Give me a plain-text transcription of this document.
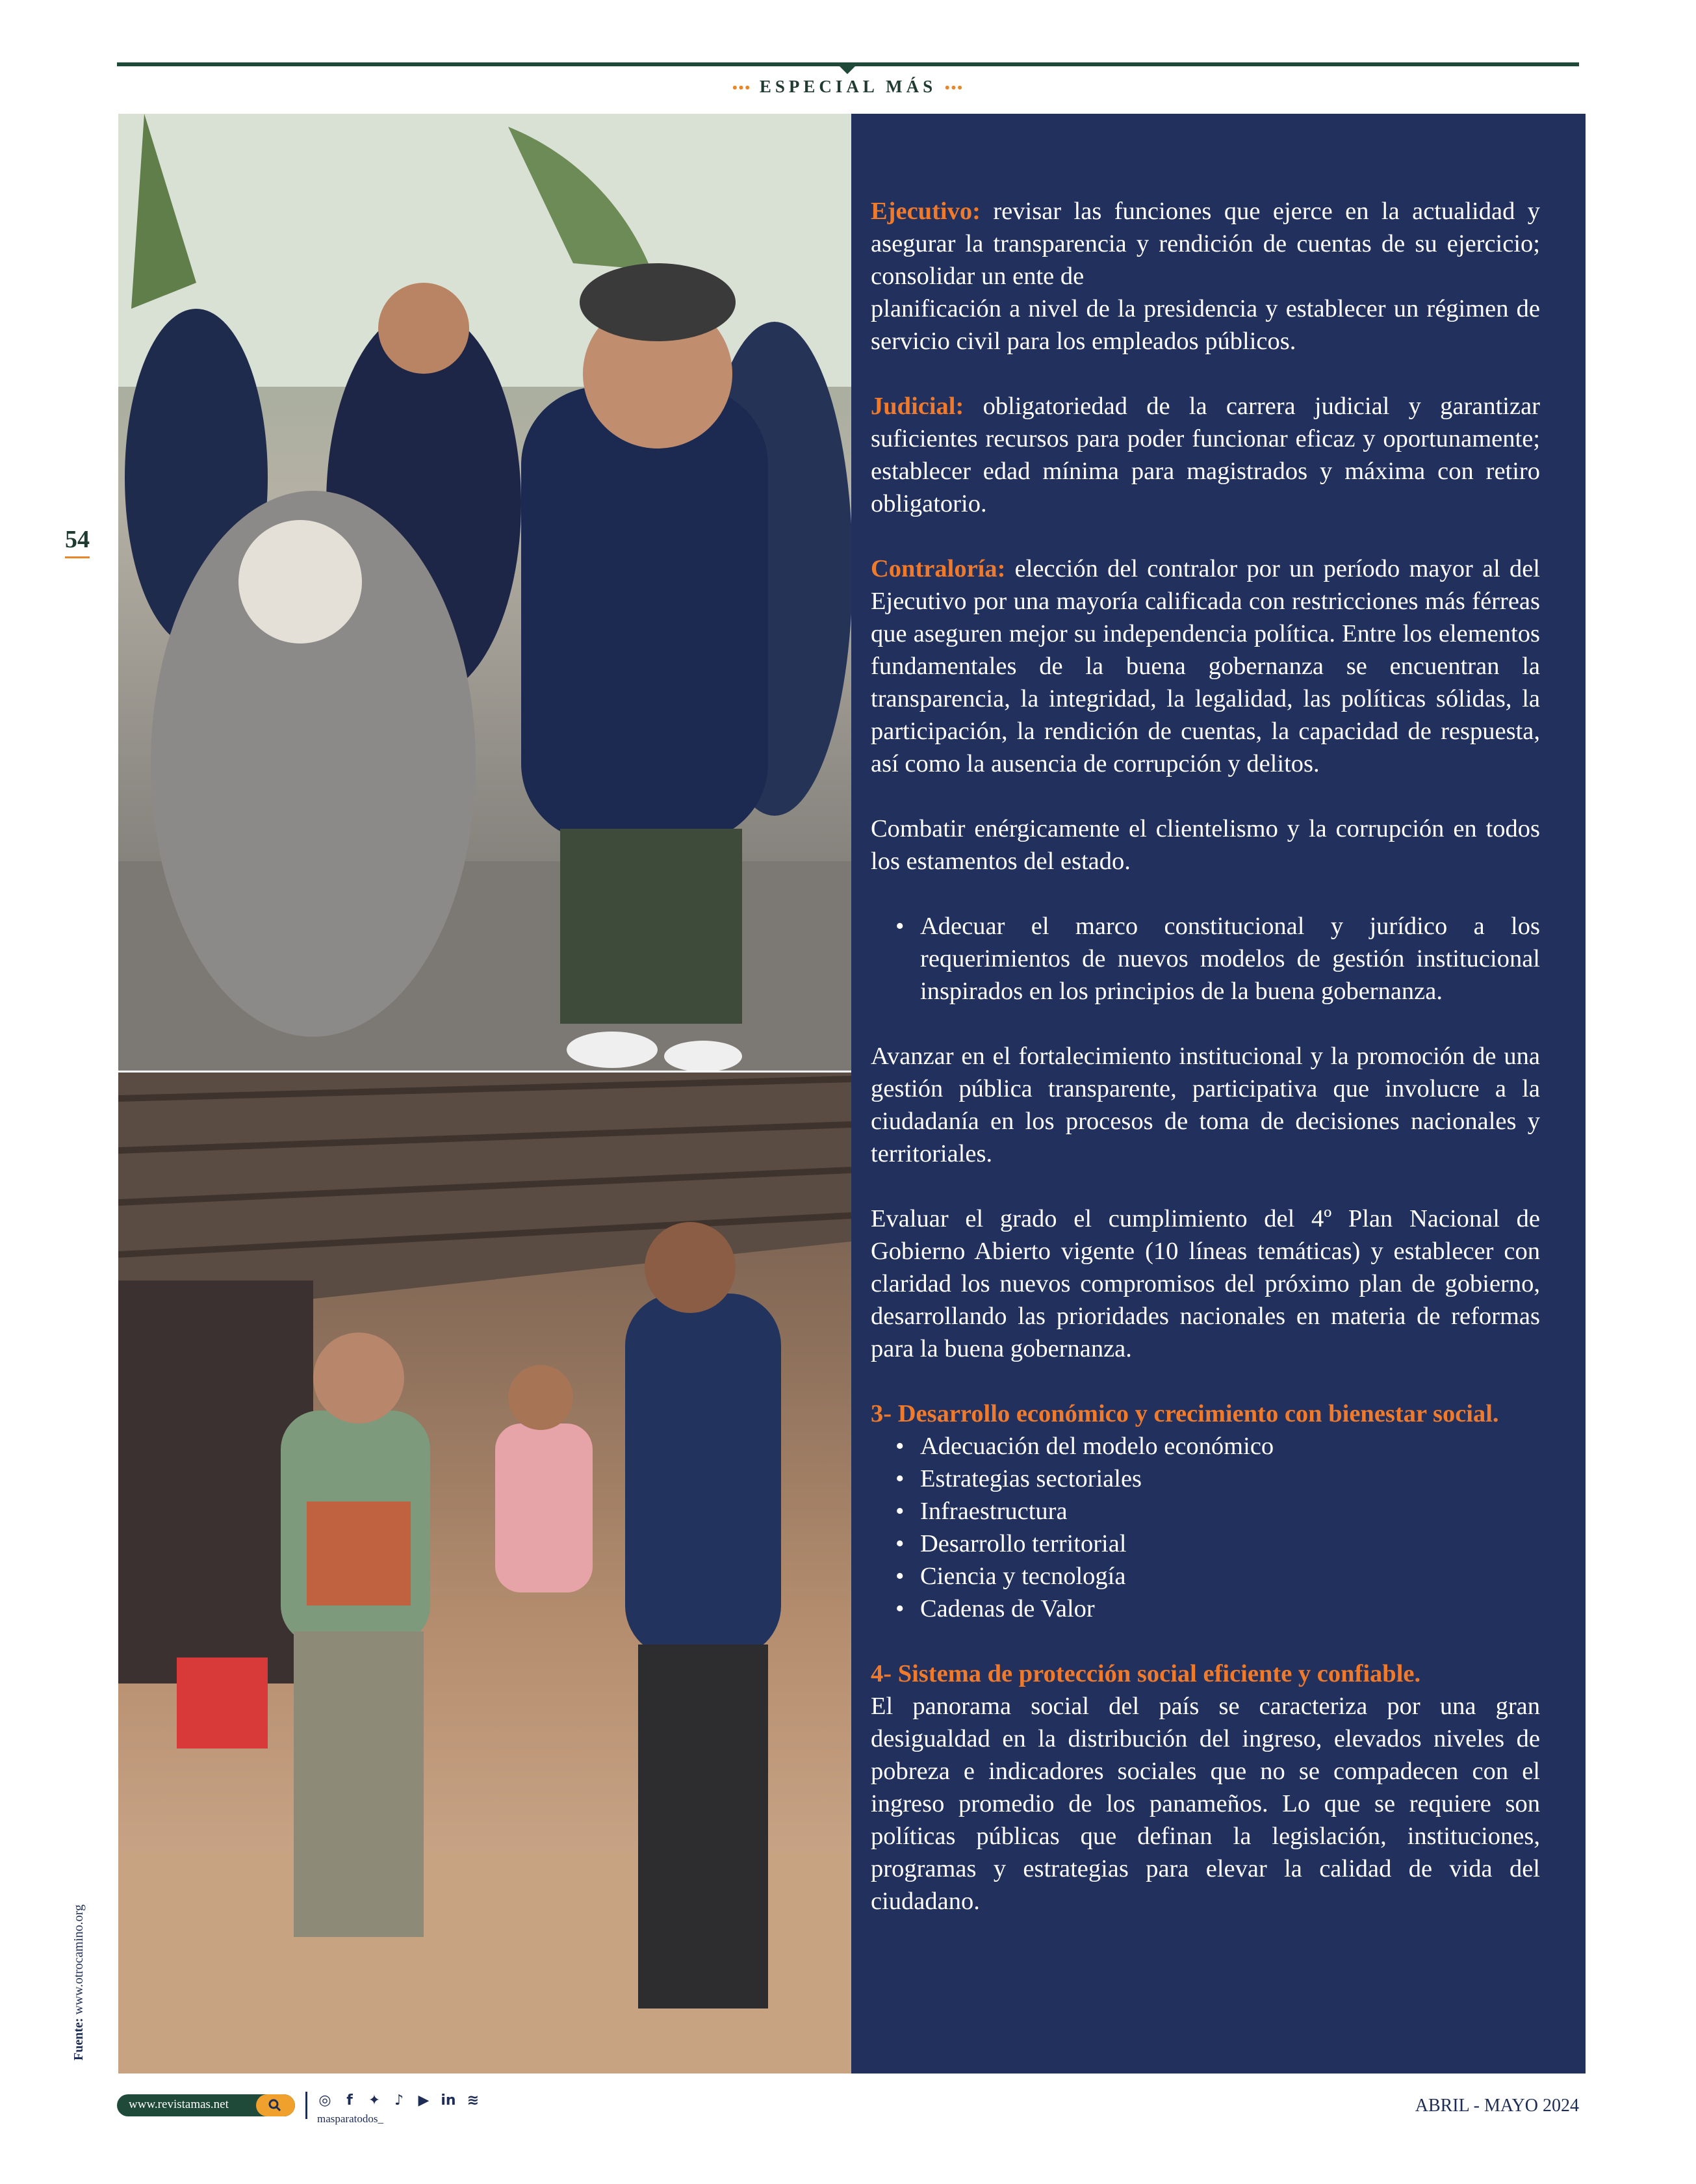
••• ESPECIAL MÁS •••
54
Fuente: www.otrocamino.org

Ejecutivo: revisar las funciones que ejerce en la actualidad y asegurar la transparencia y rendición de cuentas de su ejercicio; consolidar un ente de

planificación a nivel de la presidencia y establecer un régimen de servicio civil para los empleados públicos.

Judicial: obligatoriedad de la carrera judicial y garantizar suficientes recursos para poder funcionar eficaz y oportunamente; establecer edad mínima para magistrados y máxima con retiro obligatorio.

Contraloría: elección del contralor por un período mayor al del Ejecutivo por una mayoría calificada con restricciones más férreas que aseguren mejor su independencia política. Entre los elementos fundamentales de la buena gobernanza se encuentran la transparencia, la integridad, la legalidad, las políticas sólidas, la participación, la rendición de cuentas, la capacidad de respuesta, así como la ausencia de corrupción y delitos.

Combatir enérgicamente el clientelismo y la corrupción en todos los estamentos del estado.

• Adecuar el marco constitucional y jurídico a los requerimientos de nuevos modelos de gestión institucional inspirados en los principios de la buena gobernanza.

Avanzar en el fortalecimiento institucional y la promoción de una gestión pública transparente, participativa que involucre a la ciudadanía en los procesos de toma de decisiones nacionales y territoriales.

Evaluar el grado el cumplimiento del 4º Plan Nacional de Gobierno Abierto vigente (10 líneas temáticas) y establecer con claridad los nuevos compromisos del próximo plan de gobierno, desarrollando las prioridades nacionales en materia de reformas para la buena gobernanza.

3- Desarrollo económico y crecimiento con bienestar social.

• Adecuación del modelo económico
• Estrategias sectoriales
• Infraestructura
• Desarrollo territorial
• Ciencia y tecnología
• Cadenas de Valor

4- Sistema de protección social eficiente y confiable.

El panorama social del país se caracteriza por una gran desigualdad en la distribución del ingreso, elevados niveles de pobreza e indicadores sociales que no se compadecen con el ingreso promedio de los panameños. Lo que se requiere son políticas públicas que definan la legislación, instituciones, programas y estrategias para elevar la calidad de vida del ciudadano.

www.revistamas.net	◎	f	✦ ♪ ▶ in ≋
masparatodos_
ABRIL - MAYO 2024
